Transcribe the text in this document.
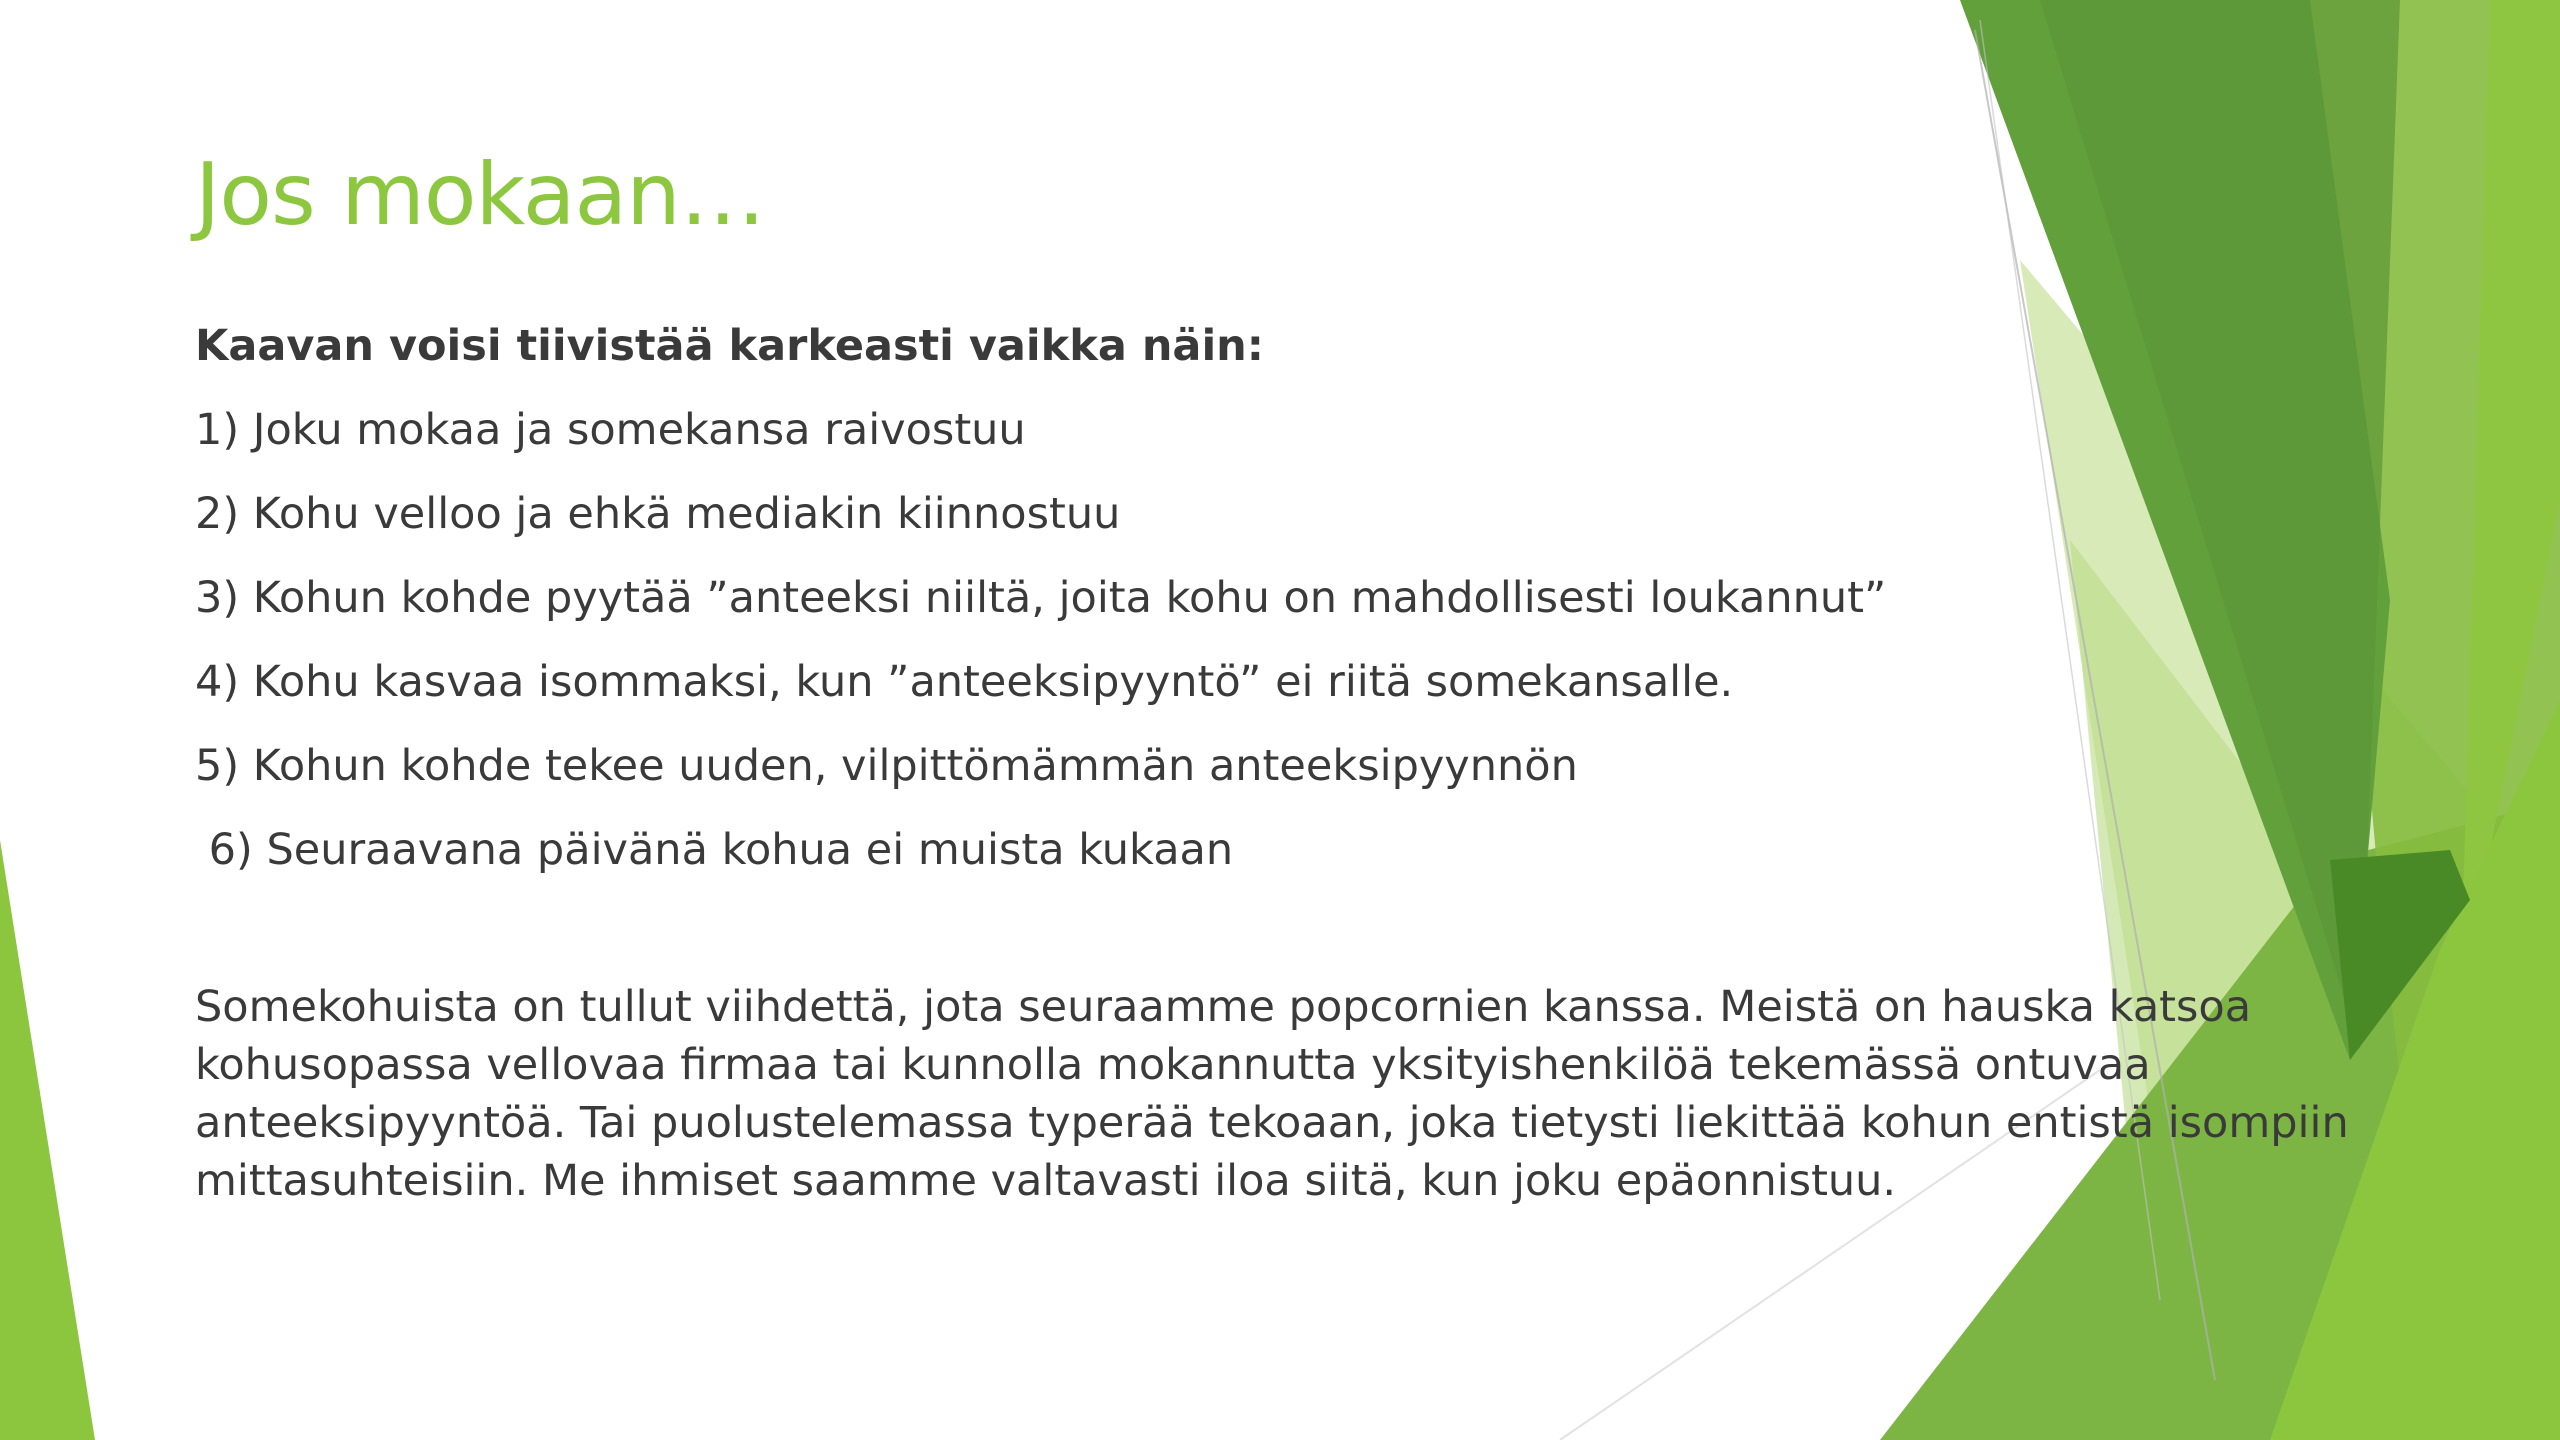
Jos mokaan…

Kaavan voisi tiivistää karkeasti vaikka näin:

1) Joku mokaa ja somekansa raivostuu

2) Kohu velloo ja ehkä mediakin kiinnostuu

3) Kohun kohde pyytää ”anteeksi niiltä, joita kohu on mahdollisesti loukannut”

4) Kohu kasvaa isommaksi, kun ”anteeksipyyntö” ei riitä somekansalle.

5) Kohun kohde tekee uuden, vilpittömämmän anteeksipyynnön

6) Seuraavana päivänä kohua ei muista kukaan

Somekohuista on tullut viihdettä, jota seuraamme popcornien kanssa. Meistä on hauska katsoa kohusopassa vellovaa firmaa tai kunnolla mokannutta yksityishenkilöä tekemässä ontuvaa anteeksipyyntöä. Tai puolustelemassa typerää tekoaan, joka tietysti liekittää kohun entistä isompiin mittasuhteisiin. Me ihmiset saamme valtavasti iloa siitä, kun joku epäonnistuu.
